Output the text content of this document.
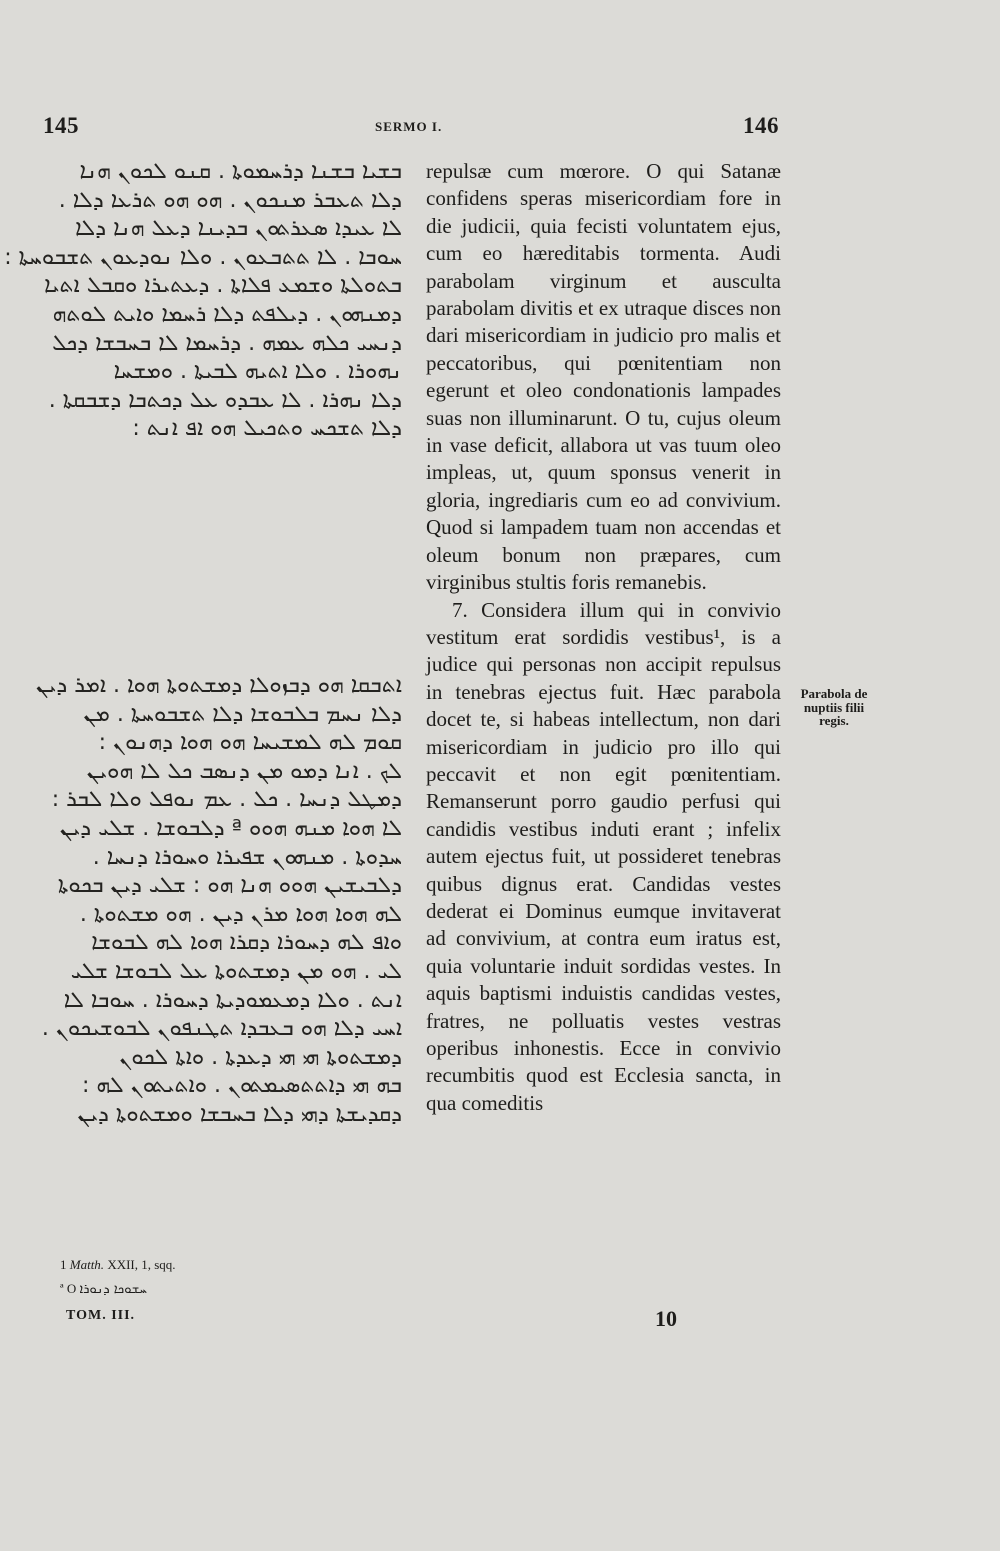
145	SERMO I.	146
ܒܫܝܐ ܒܫܢܐ ܕܪܚܡܘܬܐ . ܩܢܘ ܠܟܘܢ ܗܢܐ
ܕܠܐ ܬܥܒܪ ܡܢܟܘܢ . ܗܘ ܗܘ ܬܪܥܐ ܕܠܐ .
ܠܐ ܥܝܕܐ ܣܥܪܬܘܢ ܒܕܝܢܐ ܕܥܠ ܗܢܐ ܕܠܐ
ܚܘܒܐ . ܠܐ ܬܬܒܥܘܢ . ܘܠܐ ܢܘܕܥܘܢ ܬܫܒܘܚܬܐ :
ܒܬܘܠܬܐ ܘܫܡܥ ܦܠܐܬܐ . ܕܥܬܝܪܐ ܘܩܒܠ ܐܬܝܐ
ܕܡܢܗܘܢ . ܕܝܠܦܬ ܕܠܐ ܪܚܡܐ ܘܐܝܬ ܠܘܬܗ
ܕܢܚܝ ܟܠܗ ܥܡܗ . ܕܪܚܡܐ ܠܐ ܒܚܒܫܐ ܕܟܠ
ܢܗܘܪܐ . ܘܠܐ ܐܬܝܗ ܠܒܝܬܐ . ܘܡܫܚܐ
ܕܠܐ ܢܗܪܐ . ܠܐ ܥܒܕܘ ܥܠ ܕܟܬܒܐ ܕܫܒܩܬܐ .
ܕܠܐ ܬܫܟܚ ܘܬܟܝܠ ܗܘ ܐܦ ܐܢܬ :
ܐܬܒܩܐ ܗܘ ܕܒܙܘܠܐ ܕܡܫܬܘܬܐ ܗܘܐ . ܐܡܪ ܕܝܢ
ܕܠܐ ܢܚܡ ܒܠܒܘܫܐ ܕܠܐ ܬܫܒܘܚܬܐ . ܡܢ
ܩܘܡ ܠܗ ܠܡܫܝܚܐ ܗܘ ܗܘܐ ܕܗܢܘܢ :
ܠܟ . ܐܢܐ ܕܡܘ ܡܢ ܕܢܣܒ ܟܠ ܠܐ ܗܘܝܢ
ܕܡܛܠ ܕܢܚܐ . ܟܠ . ܥܡ ܢܘܦܠ ܘܠܐ ܠܒܪ :
ܠܐ ܗܘܐ ܡܢܗ ܗܘܘ ª ܕܠܒܘܫܐ . ܫܠܝ ܕܝܢ
ܚܕܘܬܐ . ܡܢܗܘܢ ܫܦܝܪܐ ܘܚܘܪܐ ܕܢܚܐ .
ܕܠܒܝܫܝܢ ܗܘܘ ܗܢܐ ܗܘ : ܫܠܝ ܕܝܢ ܒܟܘܬܐ
ܠܗ ܗܘܐ ܗܘܐ ܡܪܢ ܕܝܢ . ܗܘ ܡܫܬܘܬܐ .
ܘܐܦ ܠܗ ܕܚܘܪܐ ܕܩܪܐ ܗܘܐ ܠܗ ܠܒܘܫܐ
ܠܝ . ܗܘ ܡܢ ܕܡܫܬܘܬܐ ܥܠ ܠܒܘܫܐ ܫܠܝ
ܐܢܬ . ܘܠܐ ܕܡܥܡܘܕܝܬܐ ܕܚܘܪܐ . ܚܘܒܐ ܠܐ
ܐܚܝ ܕܠܐ ܗܘ ܒܥܒܕܐ ܬܛܢܦܘܢ ܠܒܘܫܝܟܘܢ .
ܕܡܫܬܘܬܐ ܗܝ ܗܝ ܕܥܕܬܐ . ܘܐܬܐ ܠܟܘܢ
ܒܗ ܗܝ ܕܐܬܬܣܝܡܬܘܢ . ܘܐܬܝܬܘܢ ܠܗ :
ܕܩܕܝܫܬܐ ܕܗܝ ܕܠܐ ܒܚܒܫܐ ܘܡܫܬܘܬܐ ܕܝܢ

repulsæ cum mœrore. O qui Satanæ confidens speras misericordiam fore in die judicii, quia fecisti voluntatem ejus, cum eo hæreditabis tormenta. Audi parabolam virginum et ausculta parabolam divitis et ex utraque disces non dari misericordiam in judicio pro malis et peccatoribus, qui pœnitentiam non egerunt et oleo condonationis lampades suas non illuminarunt. O tu, cujus oleum in vase deficit, allabora ut vas tuum oleo impleas, ut, quum sponsus venerit in gloria, ingrediaris cum eo ad convivium. Quod si lampadem tuam non accendas et oleum bonum non præpares, cum virginibus stultis foris remanebis.

7. Considera illum qui in convivio vestitum erat sordidis vestibus¹, is a judice qui personas non accipit repulsus in tenebras ejectus fuit. Hæc parabola docet te, si habeas intellectum, non dari misericordiam in judicio pro illo qui peccavit et non egit pœnitentiam. Remanserunt porro gaudio perfusi qui candidis vestibus induti erant ; infelix autem ejectus fuit, ut possideret tenebras quibus dignus erat. Candidas vestes dederat ei Dominus eumque invitaverat ad convivium, at contra eum iratus est, quia voluntarie induit sordidas vestes. In aquis baptismi induistis candidas vestes, fratres, ne polluatis vestes vestras operibus inhonestis. Ecce in convivio recumbitis quod est Ecclesia sancta, in qua comeditis

Parabola de nuptiis filii regis.
1 Matth. XXII, 1, sqq.
ª O ܚܫܘܟܐ ܕܢܘܪܐ
TOM. III.	10
